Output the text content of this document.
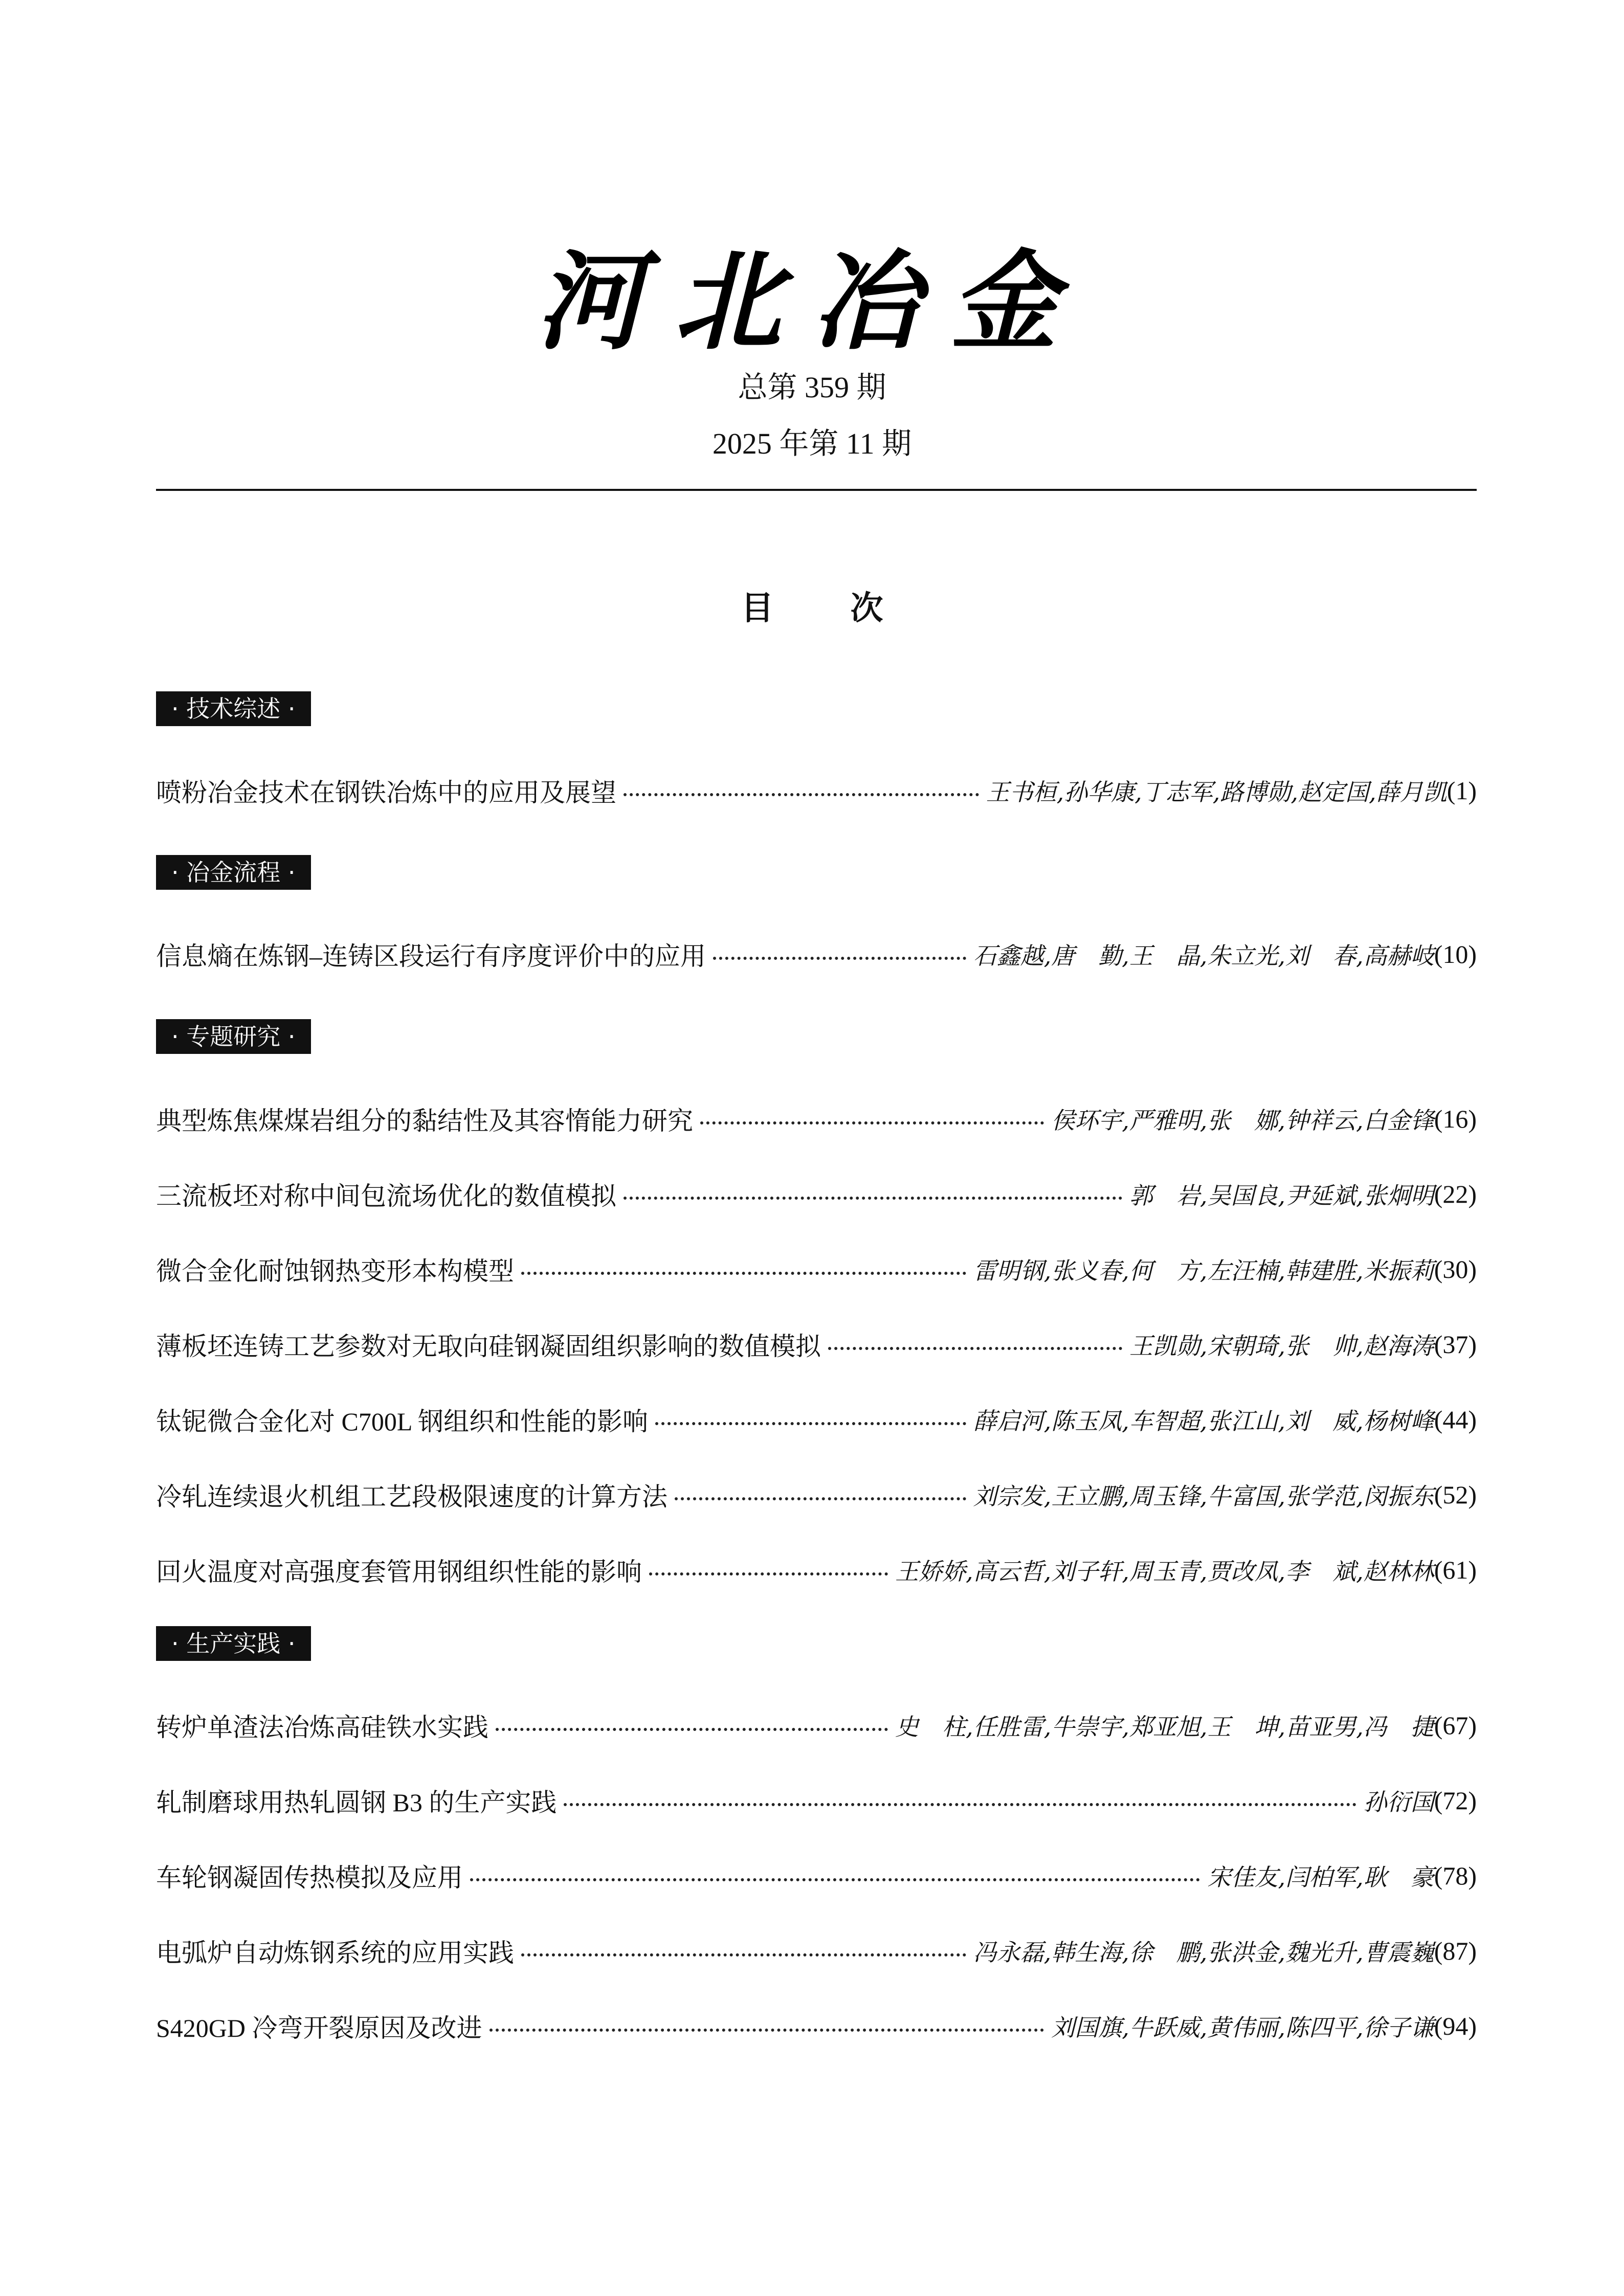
河北冶金
总第 359 期
2025 年第 11 期
目次
· 技术综述 ·
喷粉冶金技术在钢铁冶炼中的应用及展望	王书桓,孙华康,丁志军,路博勋,赵定国,薛月凯 (1)
· 冶金流程 ·
信息熵在炼钢–连铸区段运行有序度评价中的应用	石鑫越,唐　勤,王　晶,朱立光,刘　春,高赫岐 (10)
· 专题研究 ·
典型炼焦煤煤岩组分的黏结性及其容惰能力研究	侯环宇,严雅明,张　娜,钟祥云,白金锋 (16)
三流板坯对称中间包流场优化的数值模拟	郭　岩,吴国良,尹延斌,张炯明 (22)
微合金化耐蚀钢热变形本构模型	雷明钢,张义春,何　方,左汪楠,韩建胜,米振莉 (30)
薄板坯连铸工艺参数对无取向硅钢凝固组织影响的数值模拟	王凯勋,宋朝琦,张　帅,赵海涛 (37)
钛铌微合金化对 C700L 钢组织和性能的影响	薛启河,陈玉凤,车智超,张江山,刘　威,杨树峰 (44)
冷轧连续退火机组工艺段极限速度的计算方法	刘宗发,王立鹏,周玉锋,牛富国,张学范,闵振东 (52)
回火温度对高强度套管用钢组织性能的影响	王娇娇,高云哲,刘子轩,周玉青,贾改凤,李　斌,赵林林 (61)
· 生产实践 ·
转炉单渣法冶炼高硅铁水实践	史　柱,任胜雷,牛崇宇,郑亚旭,王　坤,苗亚男,冯　捷 (67)
轧制磨球用热轧圆钢 B3 的生产实践	孙衍国 (72)
车轮钢凝固传热模拟及应用	宋佳友,闫柏军,耿　豪 (78)
电弧炉自动炼钢系统的应用实践	冯永磊,韩生海,徐　鹏,张洪金,魏光升,曹震巍 (87)
S420GD 冷弯开裂原因及改进	刘国旗,牛跃威,黄伟丽,陈四平,徐子谦 (94)
